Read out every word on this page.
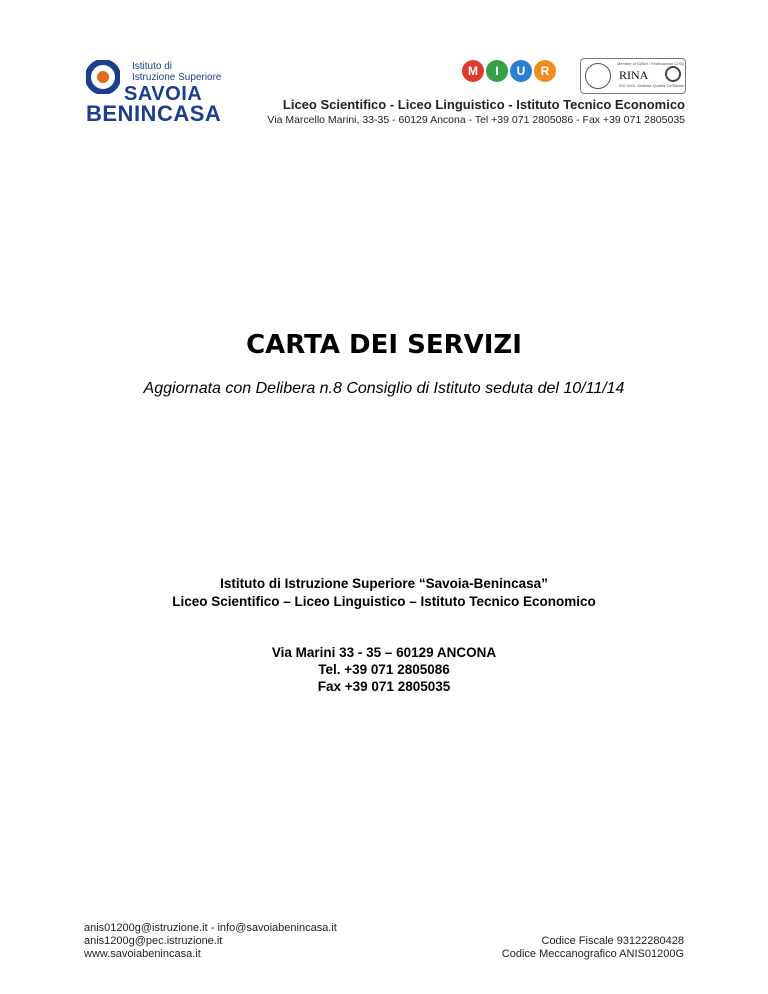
Istituto di
Istruzione Superiore
SAVOIA
BENINCASA
M	I	U	R
Member of IQNet / Federazione CISQ
RINA
ISO 9001 Sistema Qualità Certificato
Liceo Scientifico - Liceo Linguistico - Istituto Tecnico Economico
Via Marcello Marini, 33-35 - 60129 Ancona - Tel +39 071 2805086 - Fax +39 071 2805035
CARTA DEI SERVIZI
Aggiornata con Delibera n.8 Consiglio di Istituto seduta del 10/11/14
Istituto di Istruzione Superiore “Savoia-Benincasa”
Liceo Scientifico – Liceo Linguistico – Istituto Tecnico Economico
Via Marini 33 - 35 – 60129 ANCONA
Tel. +39 071 2805086
Fax +39 071 2805035
anis01200g@istruzione.it - info@savoiabenincasa.it
anis1200g@pec.istruzione.it
www.savoiabenincasa.it
Codice Fiscale 93122280428
Codice Meccanografico ANIS01200G
